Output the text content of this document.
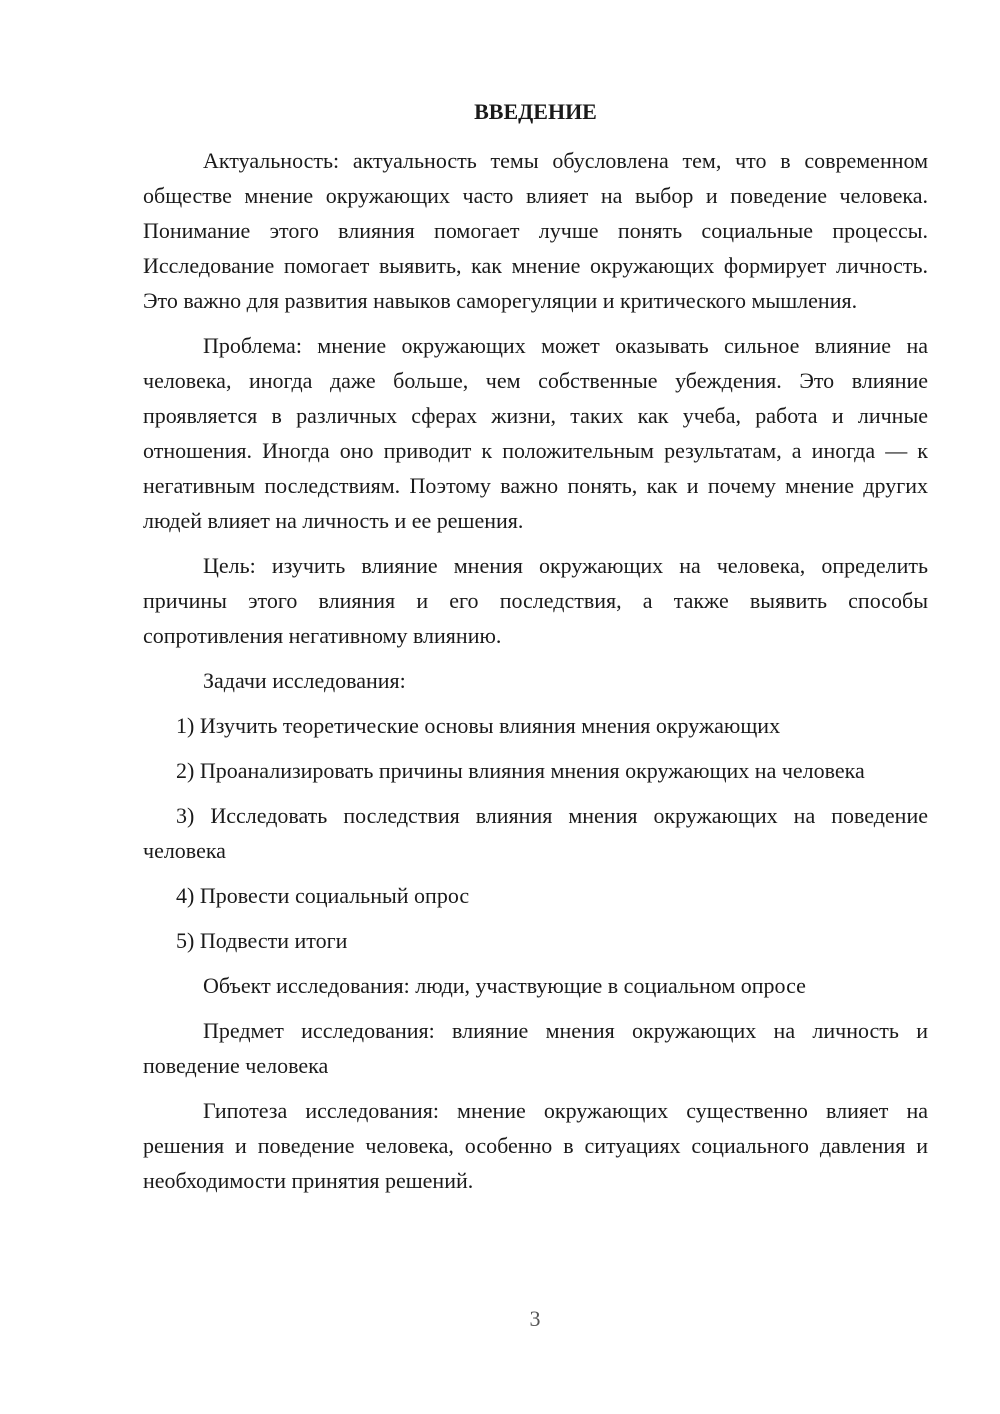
ВВЕДЕНИЕ

Актуальность: актуальность темы обусловлена тем, что в современном обществе мнение окружающих часто влияет на выбор и поведение человека. Понимание этого влияния помогает лучше понять социальные процессы. Исследование помогает выявить, как мнение окружающих формирует личность. Это важно для развития навыков саморегуляции и критического мышления.

Проблема: мнение окружающих может оказывать сильное влияние на человека, иногда даже больше, чем собственные убеждения. Это влияние проявляется в различных сферах жизни, таких как учеба, работа и личные отношения. Иногда оно приводит к положительным результатам, а иногда — к негативным последствиям. Поэтому важно понять, как и почему мнение других людей влияет на личность и ее решения.

Цель: изучить влияние мнения окружающих на человека, определить причины этого влияния и его последствия, а также выявить способы сопротивления негативному влиянию.

Задачи исследования:

1) Изучить теоретические основы влияния мнения окружающих

2) Проанализировать причины влияния мнения окружающих на человека

3) Исследовать последствия влияния мнения окружающих на поведение человека

4) Провести социальный опрос

5) Подвести итоги

Объект исследования: люди, участвующие в социальном опросе

Предмет исследования: влияние мнения окружающих на личность и поведение человека

Гипотеза исследования: мнение окружающих существенно влияет на решения и поведение человека, особенно в ситуациях социального давления и необходимости принятия решений.

3
